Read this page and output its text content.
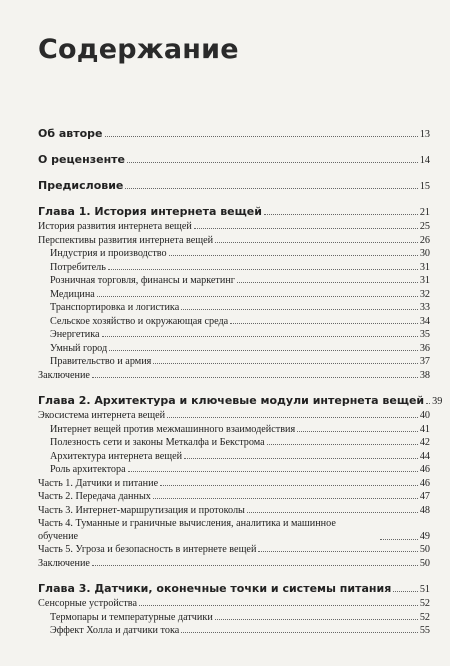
Содержание
Об авторе	13
О рецензенте	14
Предисловие	15
Глава 1. История интернета вещей	21
История развития интернета вещей	25
Перспективы развития интернета вещей	26
Индустрия и производство	30
Потребитель	31
Розничная торговля, финансы и маркетинг	31
Медицина	32
Транспортировка и логистика	33
Сельское хозяйство и окружающая среда	34
Энергетика	35
Умный город	36
Правительство и армия	37
Заключение	38
Глава 2. Архитектура и ключевые модули интернета вещей 39
Экосистема интернета вещей	40
Интернет вещей против межмашинного взаимодействия	41
Полезность сети и законы Меткалфа и Бекстрома	42
Архитектура интернета вещей	44
Роль архитектора	46
Часть 1. Датчики и питание	46
Часть 2. Передача данных	47
Часть 3. Интернет-маршрутизация и протоколы	48
Часть 4. Туманные и граничные вычисления, аналитика и машинное обучение	49
Часть 5. Угроза и безопасность в интернете вещей	50
Заключение	50
Глава 3. Датчики, оконечные точки и системы питания	51
Сенсорные устройства	52
Термопары и температурные датчики	52
Эффект Холла и датчики тока	55
